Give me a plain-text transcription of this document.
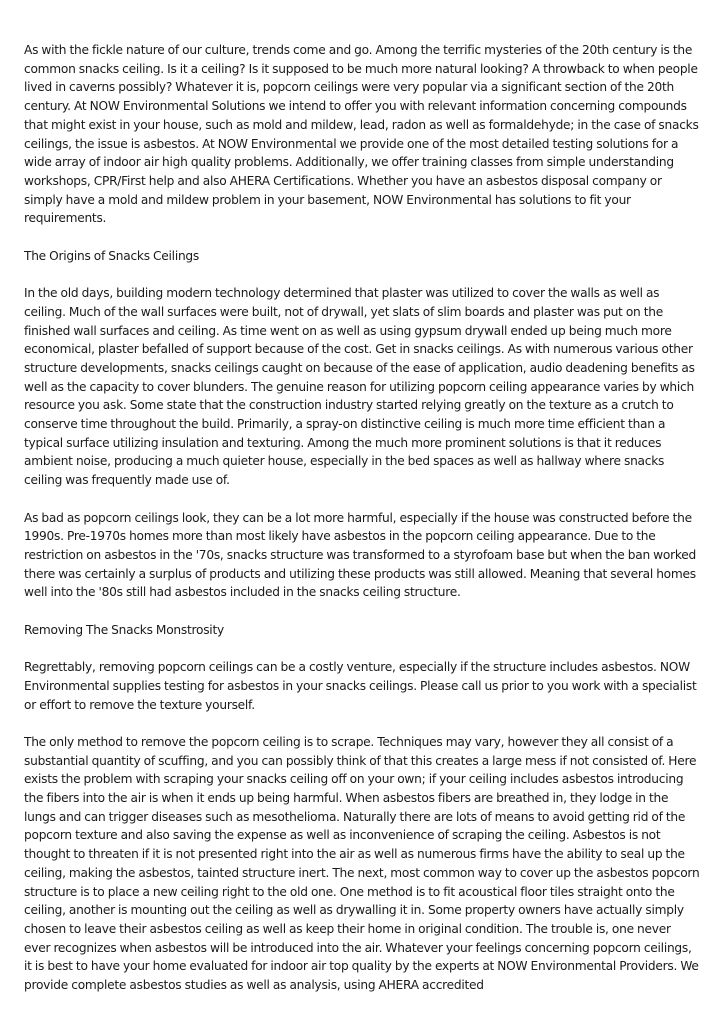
As with the fickle nature of our culture, trends come and go. Among the terrific mysteries of the 20th century is the common snacks ceiling. Is it a ceiling? Is it supposed to be much more natural looking? A throwback to when people lived in caverns possibly? Whatever it is, popcorn ceilings were very popular via a significant section of the 20th century. At NOW Environmental Solutions we intend to offer you with relevant information concerning compounds that might exist in your house, such as mold and mildew, lead, radon as well as formaldehyde; in the case of snacks ceilings, the issue is asbestos. At NOW Environmental we provide one of the most detailed testing solutions for a wide array of indoor air high quality problems. Additionally, we offer training classes from simple understanding workshops, CPR/First help and also AHERA Certifications. Whether you have an asbestos disposal company or simply have a mold and mildew problem in your basement, NOW Environmental has solutions to fit your requirements.

The Origins of Snacks Ceilings

In the old days, building modern technology determined that plaster was utilized to cover the walls as well as ceiling. Much of the wall surfaces were built, not of drywall, yet slats of slim boards and plaster was put on the finished wall surfaces and ceiling. As time went on as well as using gypsum drywall ended up being much more economical, plaster befalled of support because of the cost. Get in snacks ceilings. As with numerous various other structure developments, snacks ceilings caught on because of the ease of application, audio deadening benefits as well as the capacity to cover blunders. The genuine reason for utilizing popcorn ceiling appearance varies by which resource you ask. Some state that the construction industry started relying greatly on the texture as a crutch to conserve time throughout the build. Primarily, a spray-on distinctive ceiling is much more time efficient than a typical surface utilizing insulation and texturing. Among the much more prominent solutions is that it reduces ambient noise, producing a much quieter house, especially in the bed spaces as well as hallway where snacks ceiling was frequently made use of.

As bad as popcorn ceilings look, they can be a lot more harmful, especially if the house was constructed before the 1990s. Pre-1970s homes more than most likely have asbestos in the popcorn ceiling appearance. Due to the restriction on asbestos in the '70s, snacks structure was transformed to a styrofoam base but when the ban worked there was certainly a surplus of products and utilizing these products was still allowed. Meaning that several homes well into the '80s still had asbestos included in the snacks ceiling structure.

Removing The Snacks Monstrosity

Regrettably, removing popcorn ceilings can be a costly venture, especially if the structure includes asbestos. NOW Environmental supplies testing for asbestos in your snacks ceilings. Please call us prior to you work with a specialist or effort to remove the texture yourself.

The only method to remove the popcorn ceiling is to scrape. Techniques may vary, however they all consist of a substantial quantity of scuffing, and you can possibly think of that this creates a large mess if not consisted of. Here exists the problem with scraping your snacks ceiling off on your own; if your ceiling includes asbestos introducing the fibers into the air is when it ends up being harmful. When asbestos fibers are breathed in, they lodge in the lungs and can trigger diseases such as mesothelioma. Naturally there are lots of means to avoid getting rid of the popcorn texture and also saving the expense as well as inconvenience of scraping the ceiling. Asbestos is not thought to threaten if it is not presented right into the air as well as numerous firms have the ability to seal up the ceiling, making the asbestos, tainted structure inert. The next, most common way to cover up the asbestos popcorn structure is to place a new ceiling right to the old one. One method is to fit acoustical floor tiles straight onto the ceiling, another is mounting out the ceiling as well as drywalling it in. Some property owners have actually simply chosen to leave their asbestos ceiling as well as keep their home in original condition. The trouble is, one never ever recognizes when asbestos will be introduced into the air. Whatever your feelings concerning popcorn ceilings, it is best to have your home evaluated for indoor air top quality by the experts at NOW Environmental Providers. We provide complete asbestos studies as well as analysis, using AHERA accredited
